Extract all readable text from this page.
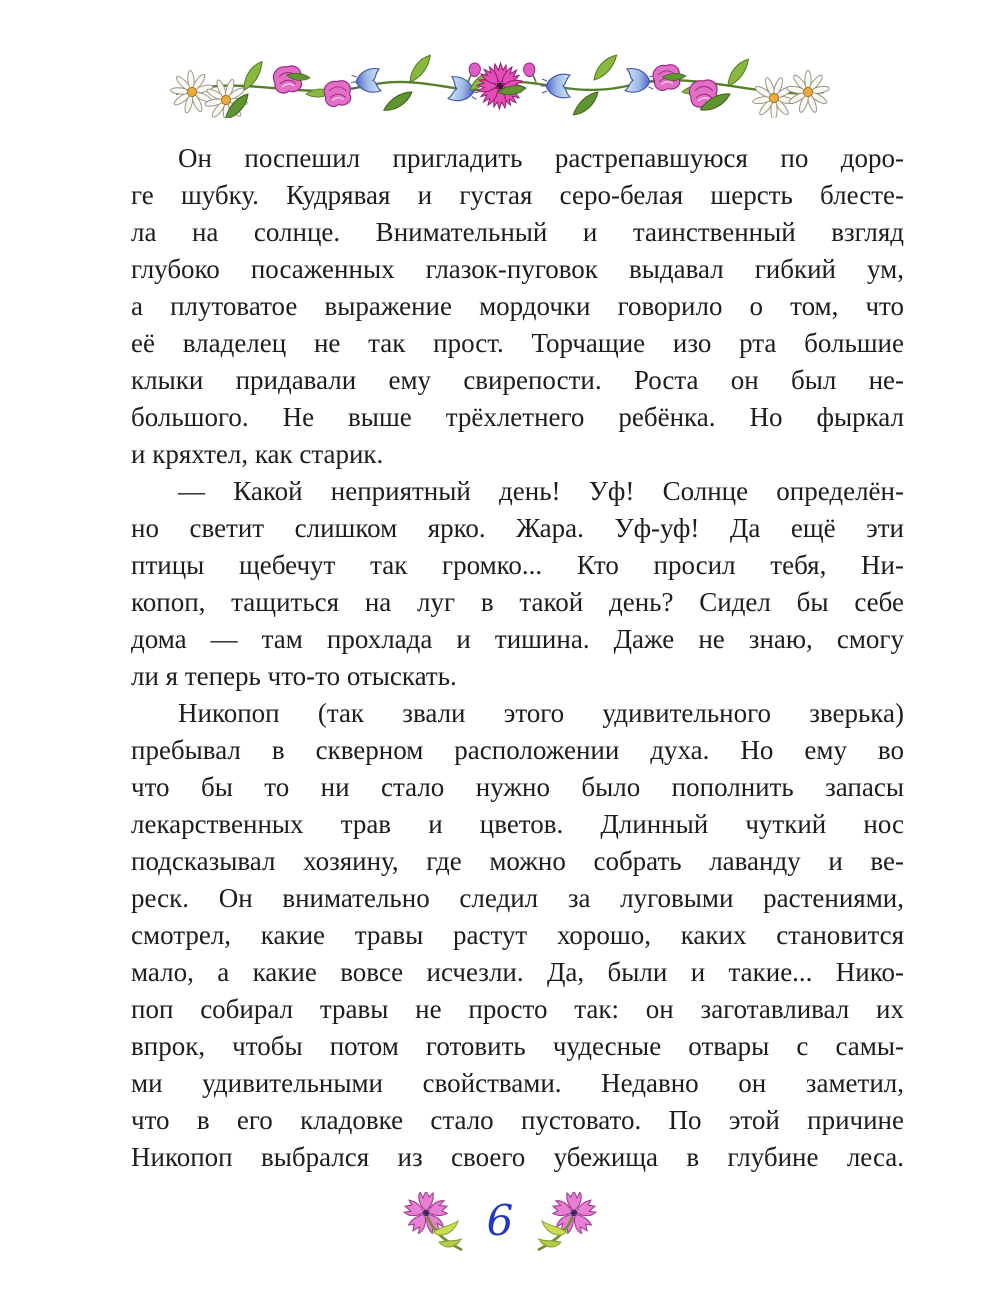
Он поспешил пригладить растрепавшуюся по доро-
ге шубку. Кудрявая и густая серо-белая шерсть блесте-
ла на солнце. Внимательный и таинственный взгляд
глубоко посаженных глазок-пуговок выдавал гибкий ум,
а плутоватое выражение мордочки говорило о том, что
её владелец не так прост. Торчащие изо рта большие
клыки придавали ему свирепости. Роста он был не-
большого. Не выше трёхлетнего ребёнка. Но фыркал
и кряхтел, как старик.
— Какой неприятный день! Уф! Солнце определён-
но светит слишком ярко. Жара. Уф-уф! Да ещё эти
птицы щебечут так громко... Кто просил тебя, Ни-
копоп, тащиться на луг в такой день? Сидел бы себе
дома — там прохлада и тишина. Даже не знаю, смогу
ли я теперь что-то отыскать.
Никопоп (так звали этого удивительного зверька)
пребывал в скверном расположении духа. Но ему во
что бы то ни стало нужно было пополнить запасы
лекарственных трав и цветов. Длинный чуткий нос
подсказывал хозяину, где можно собрать лаванду и ве-
реск. Он внимательно следил за луговыми растениями,
смотрел, какие травы растут хорошо, каких становится
мало, а какие вовсе исчезли. Да, были и такие... Нико-
поп собирал травы не просто так: он заготавливал их
впрок, чтобы потом готовить чудесные отвары с самы-
ми удивительными свойствами. Недавно он заметил,
что в его кладовке стало пустовато. По этой причине
Никопоп выбрался из своего убежища в глубине леса.
6
